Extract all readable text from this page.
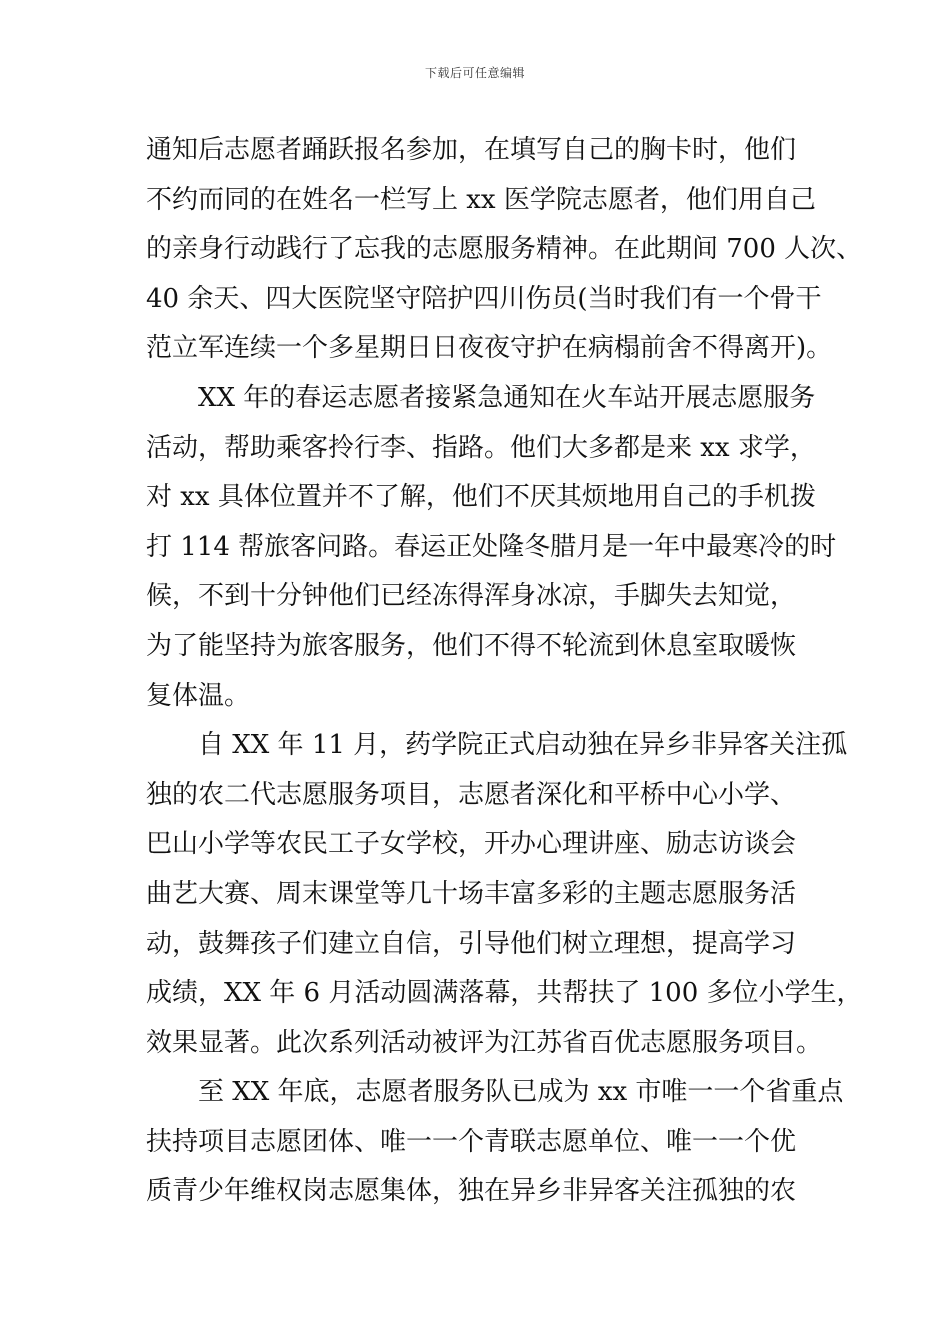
下载后可任意编辑
通知后志愿者踊跃报名参加，在填写自己的胸卡时，他们
不约而同的在姓名一栏写上 xx 医学院志愿者，他们用自己
的亲身行动践行了忘我的志愿服务精神。在此期间 700 人次、
40 余天、四大医院坚守陪护四川伤员(当时我们有一个骨干
范立军连续一个多星期日日夜夜守护在病榻前舍不得离开)。
XX 年的春运志愿者接紧急通知在火车站开展志愿服务
活动，帮助乘客拎行李、指路。他们大多都是来 xx 求学，
对 xx 具体位置并不了解，他们不厌其烦地用自己的手机拨
打 114 帮旅客问路。春运正处隆冬腊月是一年中最寒冷的时
候，不到十分钟他们已经冻得浑身冰凉，手脚失去知觉，
为了能坚持为旅客服务，他们不得不轮流到休息室取暖恢
复体温。
自 XX 年 11 月，药学院正式启动独在异乡非异客关注孤
独的农二代志愿服务项目，志愿者深化和平桥中心小学、
巴山小学等农民工子女学校，开办心理讲座、励志访谈会
曲艺大赛、周末课堂等几十场丰富多彩的主题志愿服务活
动，鼓舞孩子们建立自信，引导他们树立理想，提高学习
成绩，XX 年 6 月活动圆满落幕，共帮扶了 100 多位小学生，
效果显著。此次系列活动被评为江苏省百优志愿服务项目。
至 XX 年底，志愿者服务队已成为 xx 市唯一一个省重点
扶持项目志愿团体、唯一一个青联志愿单位、唯一一个优
质青少年维权岗志愿集体，独在异乡非异客关注孤独的农
